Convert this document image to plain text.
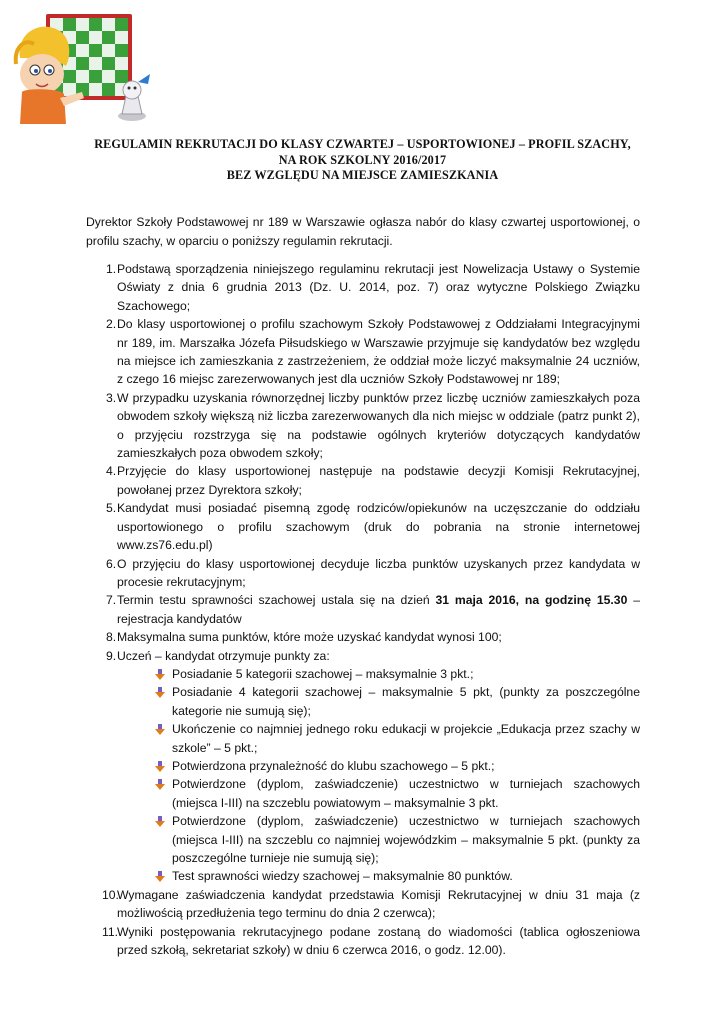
REGULAMIN REKRUTACJI DO KLASY CZWARTEJ – USPORTOWIONEJ – PROFIL SZACHY,
NA ROK SZKOLNY 2016/2017
BEZ WZGLĘDU NA MIEJSCE ZAMIESZKANIA

Dyrektor Szkoły Podstawowej nr 189 w Warszawie ogłasza nabór do klasy czwartej usportowionej, o profilu szachy, w oparciu o poniższy regulamin rekrutacji.

1. Podstawą sporządzenia niniejszego regulaminu rekrutacji jest Nowelizacja Ustawy o Systemie Oświaty z dnia 6 grudnia 2013 (Dz. U. 2014, poz. 7) oraz wytyczne Polskiego Związku Szachowego;
2. Do klasy usportowionej o profilu szachowym Szkoły Podstawowej z Oddziałami Integracyjnymi nr 189, im. Marszałka Józefa Piłsudskiego w Warszawie przyjmuje się kandydatów bez względu na miejsce ich zamieszkania z zastrzeżeniem, że oddział może liczyć maksymalnie 24 uczniów, z czego 16 miejsc zarezerwowanych jest dla uczniów Szkoły Podstawowej nr 189;
3. W przypadku uzyskania równorzędnej liczby punktów przez liczbę uczniów zamieszkałych poza obwodem szkoły większą niż liczba zarezerwowanych dla nich miejsc w oddziale (patrz punkt 2), o przyjęciu rozstrzyga się na podstawie ogólnych kryteriów dotyczących kandydatów zamieszkałych poza obwodem szkoły;
4. Przyjęcie do klasy usportowionej następuje na podstawie decyzji Komisji Rekrutacyjnej, powołanej przez Dyrektora szkoły;
5. Kandydat musi posiadać pisemną zgodę rodziców/opiekunów na uczęszczanie do oddziału usportowionego o profilu szachowym (druk do pobrania na stronie internetowej www.zs76.edu.pl)
6. O przyjęciu do klasy usportowionej decyduje liczba punktów uzyskanych przez kandydata w procesie rekrutacyjnym;
7. Termin testu sprawności szachowej ustala się na dzień 31 maja 2016, na godzinę 15.30 – rejestracja kandydatów
8. Maksymalna suma punktów, które może uzyskać kandydat wynosi 100;
9. Uczeń – kandydat otrzymuje punkty za:
Posiadanie 5 kategorii szachowej – maksymalnie 3 pkt.;
Posiadanie 4 kategorii szachowej – maksymalnie 5 pkt, (punkty za poszczególne kategorie nie sumują się);
Ukończenie co najmniej jednego roku edukacji w projekcie „Edukacja przez szachy w szkole” – 5 pkt.;
Potwierdzona przynależność do klubu szachowego – 5 pkt.;
Potwierdzone (dyplom, zaświadczenie) uczestnictwo w turniejach szachowych (miejsca I-III) na szczeblu powiatowym – maksymalnie 3 pkt.
Potwierdzone (dyplom, zaświadczenie) uczestnictwo w turniejach szachowych (miejsca I-III) na szczeblu co najmniej wojewódzkim – maksymalnie 5 pkt. (punkty za poszczególne turnieje nie sumują się);
Test sprawności wiedzy szachowej – maksymalnie 80 punktów.
10.
Wymagane zaświadczenia kandydat przedstawia Komisji Rekrutacyjnej w dniu 31 maja (z możliwością przedłużenia tego terminu do dnia 2 czerwca);
11.
Wyniki postępowania rekrutacyjnego podane zostaną do wiadomości (tablica ogłoszeniowa przed szkołą, sekretariat szkoły) w dniu 6 czerwca 2016, o godz. 12.00).
